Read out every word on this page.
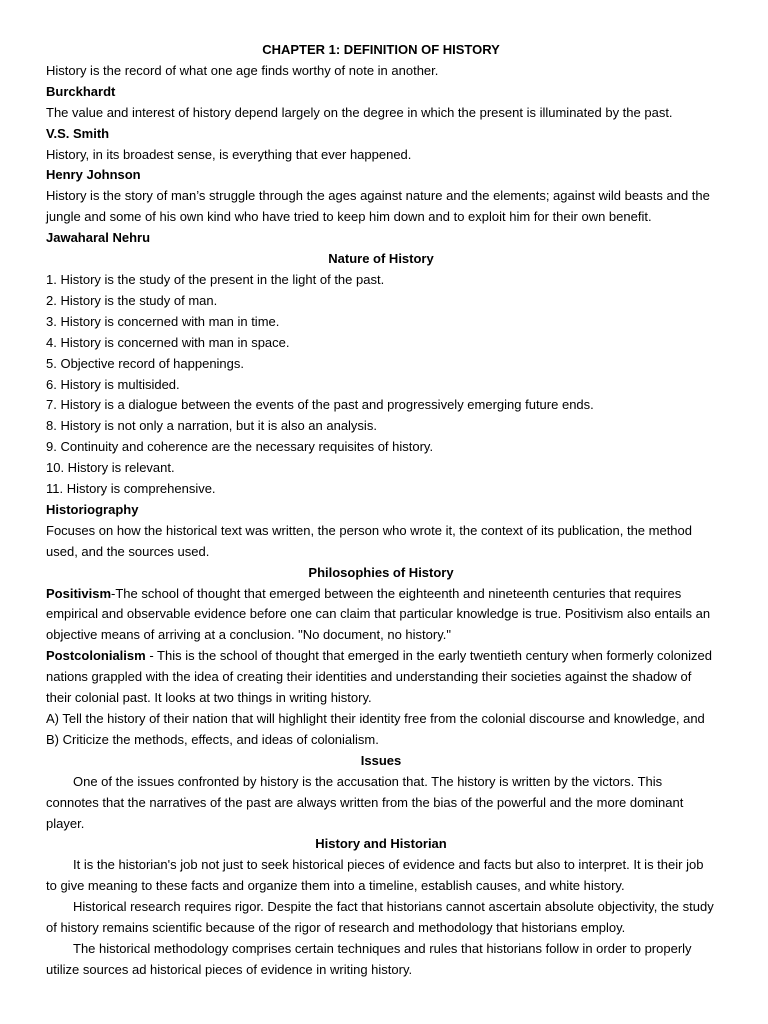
CHAPTER 1: DEFINITION OF HISTORY

History is the record of what one age finds worthy of note in another.

Burckhardt

The value and interest of history depend largely on the degree in which the present is illuminated by the past.

V.S. Smith

History, in its broadest sense, is everything that ever happened.

Henry Johnson

History is the story of man’s struggle through the ages against nature and the elements; against wild beasts and the jungle and some of his own kind who have tried to keep him down and to exploit him for their own benefit.

Jawaharal Nehru

Nature of History

1. History is the study of the present in the light of the past.

2. History is the study of man.

3. History is concerned with man in time.

4. History is concerned with man in space.

5. Objective record of happenings.

6. History is multisided.

7. History is a dialogue between the events of the past and progressively emerging future ends.

8. History is not only a narration, but it is also an analysis.

9. Continuity and coherence are the necessary requisites of history.

10. History is relevant.

11. History is comprehensive.

Historiography

Focuses on how the historical text was written, the person who wrote it, the context of its publication, the method used, and the sources used.

Philosophies of History

Positivism-The school of thought that emerged between the eighteenth and nineteenth centuries that requires empirical and observable evidence before one can claim that particular knowledge is true. Positivism also entails an objective means of arriving at a conclusion. "No document, no history."

Postcolonialism - This is the school of thought that emerged in the early twentieth century when formerly colonized nations grappled with the idea of creating their identities and understanding their societies against the shadow of their colonial past. It looks at two things in writing history.

A) Tell the history of their nation that will highlight their identity free from the colonial discourse and knowledge, and

B) Criticize the methods, effects, and ideas of colonialism.

Issues

One of the issues confronted by history is the accusation that. The history is written by the victors. This connotes that the narratives of the past are always written from the bias of the powerful and the more dominant player.

History and Historian

It is the historian's job not just to seek historical pieces of evidence and facts but also to interpret. It is their job to give meaning to these facts and organize them into a timeline, establish causes, and white history.

Historical research requires rigor. Despite the fact that historians cannot ascertain absolute objectivity, the study of history remains scientific because of the rigor of research and methodology that historians employ.

The historical methodology comprises certain techniques and rules that historians follow in order to properly utilize sources ad historical pieces of evidence in writing history.
